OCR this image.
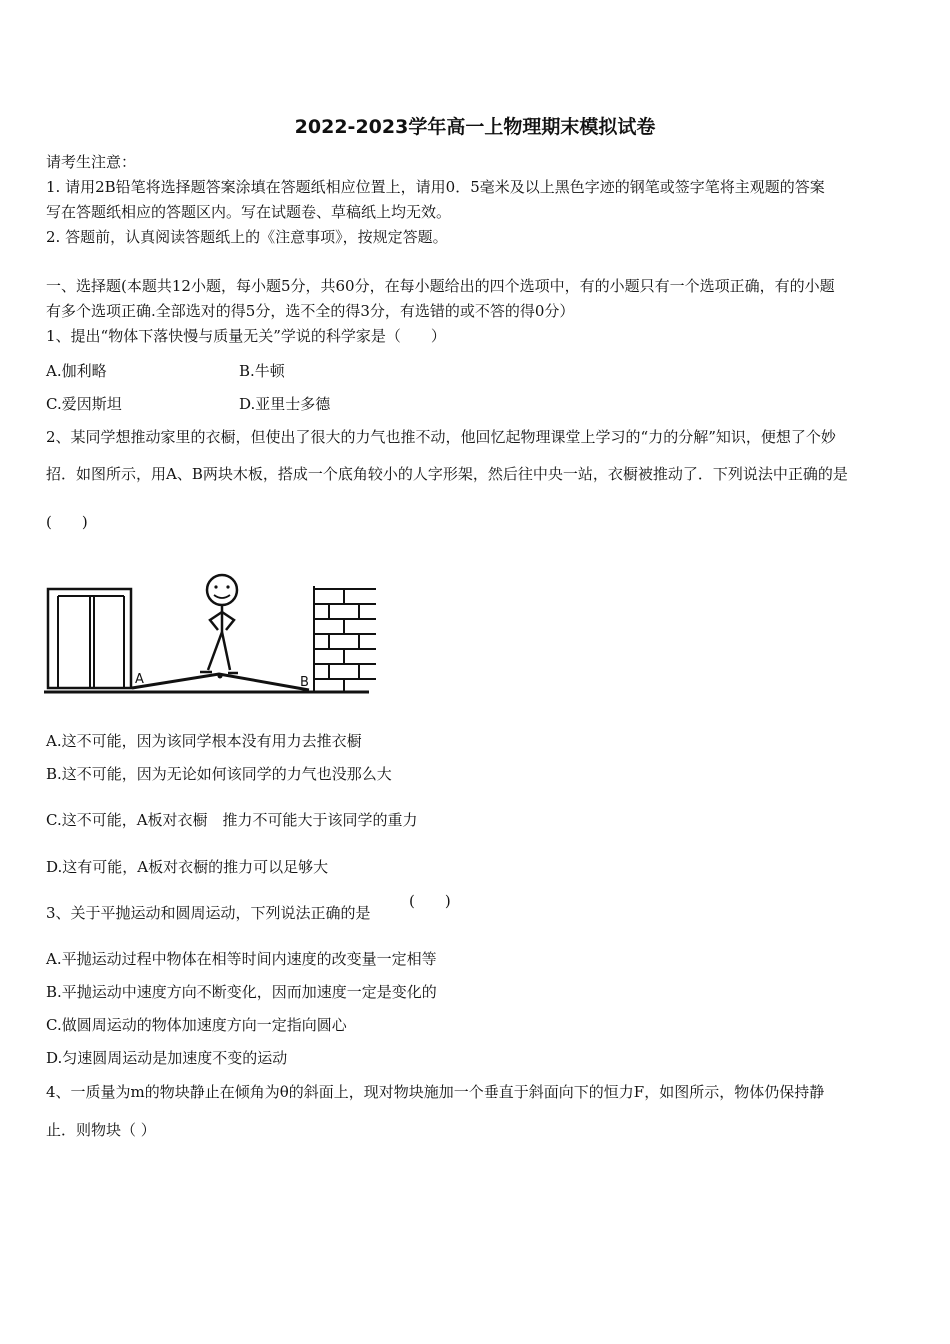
2022-2023学年高一上物理期末模拟试卷
请考生注意：
1. 请用2B铅笔将选择题答案涂填在答题纸相应位置上，请用0．5毫米及以上黑色字迹的钢笔或签字笔将主观题的答案
写在答题纸相应的答题区内。写在试题卷、草稿纸上均无效。
2. 答题前，认真阅读答题纸上的《注意事项》，按规定答题。
一、选择题(本题共12小题，每小题5分，共60分，在每小题给出的四个选项中，有的小题只有一个选项正确，有的小题
有多个选项正确.全部选对的得5分，选不全的得3分，有选错的或不答的得0分）
1、提出“物体下落快慢与质量无关”学说的科学家是（　　）
A.伽利略	B.牛顿
C.爱因斯坦	D.亚里士多德
2、某同学想推动家里的衣橱，但使出了很大的力气也推不动，他回忆起物理课堂上学习的“力的分解”知识，便想了个妙
招．如图所示，用A、B两块木板，搭成一个底角较小的人字形架，然后往中央一站，衣橱被推动了．下列说法中正确的是
(　　)
A	B
A.这不可能，因为该同学根本没有用力去推衣橱
B.这不可能，因为无论如何该同学的力气也没那么大
C.这不可能，A板对衣橱　推力不可能大于该同学的重力
D.这有可能，A板对衣橱的推力可以足够大
3、关于平抛运动和圆周运动，下列说法正确的是
(　　)
A.平抛运动过程中物体在相等时间内速度的改变量一定相等
B.平抛运动中速度方向不断变化，因而加速度一定是变化的
C.做圆周运动的物体加速度方向一定指向圆心
D.匀速圆周运动是加速度不变的运动
4、一质量为m的物块静止在倾角为θ的斜面上，现对物块施加一个垂直于斜面向下的恒力F，如图所示，物体仍保持静
止．则物块（ ）
